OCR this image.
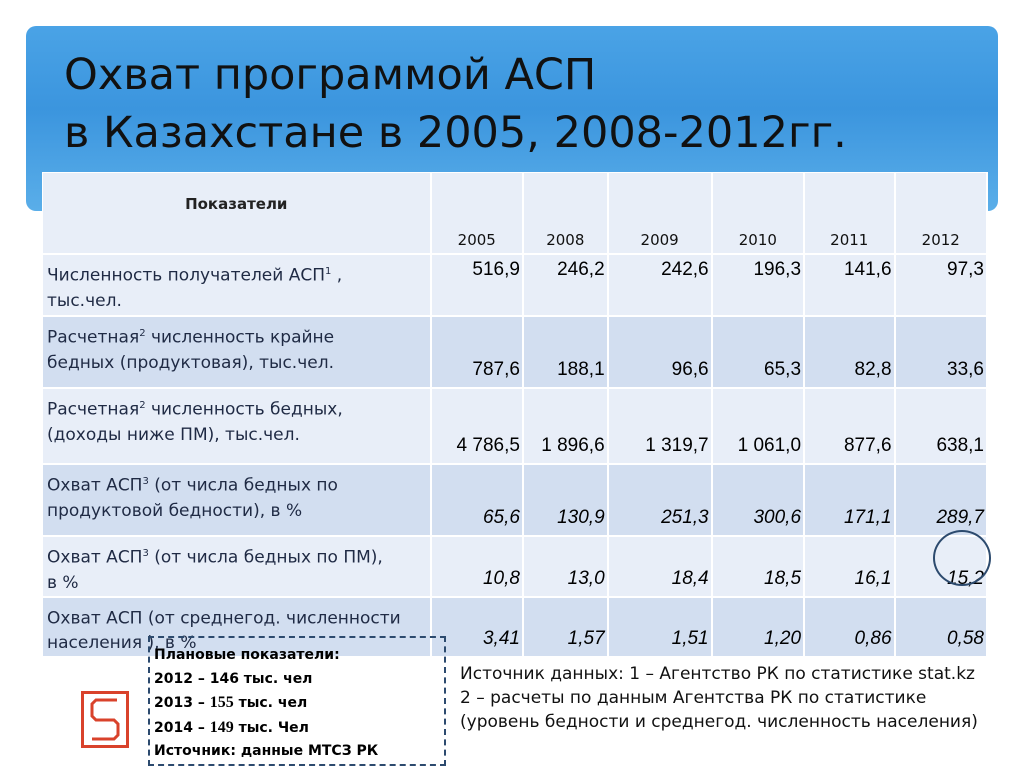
Охват программой АСП
в Казахстане в 2005, 2008-2012гг.
Показатели	2005	2008	2009	2010	2011	2012
Численность получателей АСП$^1$ ,
тыс.чел.	516,9	246,2	242,6	196,3	141,6	97,3
Расчетная$^2$ численность крайне
бедных (продуктовая), тыс.чел.	787,6	188,1	96,6	65,3	82,8	33,6
Расчетная$^2$ численность бедных,
(доходы ниже ПМ), тыс.чел.	4 786,5	1 896,6	1 319,7	1 061,0	877,6	638,1
Охват АСП$^3$ (от числа бедных по
продуктовой бедности), в %	65,6	130,9	251,3	300,6	171,1	289,7
Охват АСП$^3$ (от числа бедных по ПМ),
в %	10,8	13,0	18,4	18,5	16,1	15,2
Охват АСП (от среднегод. численности
населения ), в %	3,41	1,57	1,51	1,20	0,86	0,58
Плановые показатели:
2012 – 146 тыс. чел
2013 – 155 тыс. чел
2014 – 149 тыс. Чел
Источник: данные МТСЗ РК
Источник данных: 1 – Агентство РК по статистике stat.kz
2 – расчеты по данным Агентства РК по статистике
(уровень бедности и среднегод. численность населения)
